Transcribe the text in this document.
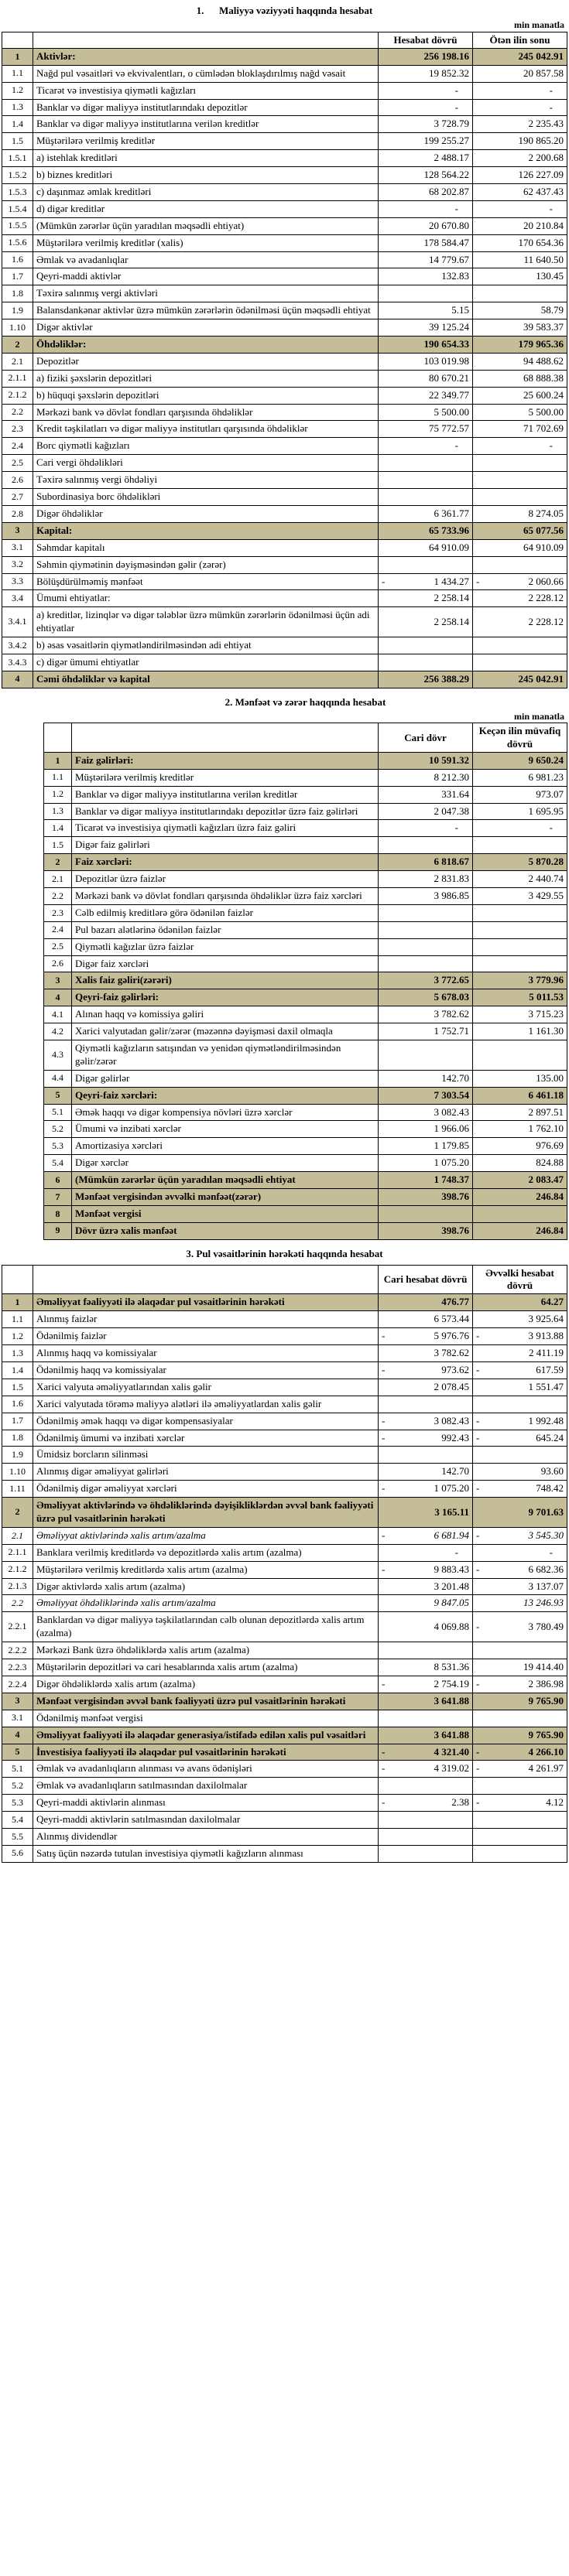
1.      Maliyyə vəziyyəti haqqında hesabat
min manatla
		Hesabat dövrü	Ötən ilin sonu
1	Aktivlər:	256 198.16	245 042.91
1.1	Nağd pul vəsaitləri və ekvivalentları, o cümlədən bloklaşdırılmış nağd vəsait	19 852.32	20 857.58
1.2	Ticarət və investisiya qiymətli kağızları	-	-
1.3	Banklar və digər maliyyə institutlarındakı depozitlər	-	-
1.4	Banklar və digər maliyyə institutlarına verilən kreditlər	3 728.79	2 235.43
1.5	Müştərilərə verilmiş kreditlər	199 255.27	190 865.20
1.5.1	a) istehlak kreditləri	2 488.17	2 200.68
1.5.2	b) biznes kreditləri	128 564.22	126 227.09
1.5.3	c) daşınmaz əmlak kreditləri	68 202.87	62 437.43
1.5.4	d) digər kreditlər	-	-
1.5.5	(Mümkün zərərlər üçün yaradılan məqsədli ehtiyat)	20 670.80	20 210.84
1.5.6	Müştərilərə verilmiş kreditlər (xalis)	178 584.47	170 654.36
1.6	Əmlak və avadanlıqlar	14 779.67	11 640.50
1.7	Qeyri-maddi aktivlər	132.83	130.45
1.8	Təxirə salınmış vergi aktivləri		
1.9	Balansdankənar aktivlər üzrə mümkün zərərlərin ödənilməsi üçün məqsədli ehtiyat	5.15	58.79
1.10	Digər aktivlər	39 125.24	39 583.37
2	Öhdəliklər:	190 654.33	179 965.36
2.1	Depozitlər	103 019.98	94 488.62
2.1.1	a) fiziki şəxslərin depozitləri	80 670.21	68 888.38
2.1.2	b) hüquqi şəxslərin depozitləri	22 349.77	25 600.24
2.2	Mərkəzi bank və dövlət fondları qarşısında öhdəliklər	5 500.00	5 500.00
2.3	Kredit təşkilatları və digər maliyyə institutları qarşısında öhdəliklər	75 772.57	71 702.69
2.4	Borc qiymətli kağızları	-	-
2.5	Cari vergi öhdəlikləri		
2.6	Təxirə salınmış vergi öhdəliyi		
2.7	Subordinasiya borc öhdəlikləri		
2.8	Digər öhdəliklər	6 361.77	8 274.05
3	Kapital:	65 733.96	65 077.56
3.1	Səhmdar kapitalı	64 910.09	64 910.09
3.2	Səhmin qiymətinin dəyişməsindən gəlir (zərər)		
3.3	Bölüşdürülməmiş mənfəət	- 1 434.27	- 2 060.66
3.4	Ümumi ehtiyatlar:	2 258.14	2 228.12
3.4.1	a) kreditlər, lizinqlər və digər tələblər üzrə mümkün zərərlərin ödənilməsi üçün adi ehtiyatlar	2 258.14	2 228.12
3.4.2	b) əsas vəsaitlərin qiymətləndirilməsindən adi ehtiyat		
3.4.3	c) digər ümumi ehtiyatlar		
4	Cəmi öhdəliklər və kapital	256 388.29	245 042.91
2. Mənfəət və zərər haqqında hesabat
min manatla
		Cari dövr	Keçən ilin müvafiq dövrü
1	Faiz gəlirləri:	10 591.32	9 650.24
1.1	Müştərilərə verilmiş kreditlər	8 212.30	6 981.23
1.2	Banklar və digər maliyyə institutlarına verilən kreditlər	331.64	973.07
1.3	Banklar və digər maliyyə institutlarındakı depozitlər üzrə faiz gəlirləri	2 047.38	1 695.95
1.4	Ticarət və investisiya qiymətli kağızları üzrə faiz gəliri	-	-
1.5	Digər faiz gəlirləri		
2	Faiz xərcləri:	6 818.67	5 870.28
2.1	Depozitlər üzrə faizlər	2 831.83	2 440.74
2.2	Mərkəzi bank və dövlət fondları qarşısında öhdəliklər üzrə faiz xərcləri	3 986.85	3 429.55
2.3	Cəlb edilmiş kreditlərə görə ödənilən faizlər		
2.4	Pul bazarı alətlərinə ödənilən faizlər		
2.5	Qiymətli kağızlar üzrə faizlər		
2.6	Digər faiz xərcləri		
3	Xalis faiz gəliri(zərəri)	3 772.65	3 779.96
4	Qeyri-faiz gəlirləri:	5 678.03	5 011.53
4.1	Alınan haqq və komissiya gəliri	3 782.62	3 715.23
4.2	Xarici valyutadan gəlir/zərər (məzənnə dəyişməsi daxil olmaqla	1 752.71	1 161.30
4.3	Qiymətli kağızların satışından və yenidən qiymətləndirilməsindən gəlir/zərər		
4.4	Digər gəlirlər	142.70	135.00
5	Qeyri-faiz xərcləri:	7 303.54	6 461.18
5.1	Əmək haqqı və digər kompensiya növləri üzrə xərclər	3 082.43	2 897.51
5.2	Ümumi və inzibati xərclər	1 966.06	1 762.10
5.3	Amortizasiya xərcləri	1 179.85	976.69
5.4	Digər xərclər	1 075.20	824.88
6	(Mümkün zərərlər üçün yaradılan məqsədli ehtiyat	1 748.37	2 083.47
7	Mənfəət vergisindən əvvəlki mənfəət(zərər)	398.76	246.84
8	Mənfəət vergisi		
9	Dövr üzrə xalis mənfəət	398.76	246.84
3. Pul vəsaitlərinin hərəkəti haqqında hesabat
		Cari hesabat dövrü	Əvvəlki hesabat dövrü
1	Əməliyyat fəaliyyəti ilə əlaqədar pul vəsaitlərinin hərəkəti	476.77	64.27
1.1	Alınmış faizlər	6 573.44	3 925.64
1.2	Ödənilmiş faizlər	- 5 976.76	- 3 913.88
1.3	Alınmış haqq və komissiyalar	3 782.62	2 411.19
1.4	Ödənilmiş haqq və komissiyalar	- 973.62	- 617.59
1.5	Xarici valyuta əməliyyatlarından xalis gəlir	2 078.45	1 551.47
1.6	Xarici valyutada törəmə maliyyə alətləri ilə əməliyyatlardan xalis gəlir		
1.7	Ödənilmiş əmək haqqı və digər kompensasiyalar	- 3 082.43	- 1 992.48
1.8	Ödənilmiş ümumi və inzibati xərclər	- 992.43	- 645.24
1.9	Ümidsiz borcların silinməsi		
1.10	Alınmış digər əməliyyat gəlirləri	142.70	93.60
1.11	Ödənilmiş digər əməliyyat xərcləri	- 1 075.20	- 748.42
2	Əməliyyat aktivlərində və öhdəliklərində dəyişikliklərdən əvvəl bank fəaliyyəti üzrə pul vəsaitlərinin hərəkəti	3 165.11	9 701.63
2.1	Əməliyyat aktivlərində xalis artım/azalma	- 6 681.94	- 3 545.30
2.1.1	Banklara verilmiş kreditlərdə və depozitlərdə xalis artım (azalma)	-	-
2.1.2	Müştərilərə verilmiş kreditlərdə xalis artım (azalma)	- 9 883.43	- 6 682.36
2.1.3	Digər aktivlərdə xalis artım (azalma)	3 201.48	3 137.07
2.2	Əməliyyat öhdəliklərində xalis artım/azalma	9 847.05	13 246.93
2.2.1	Banklardan və digər maliyyə təşkilatlarından cəlb olunan depozitlərdə xalis artım (azalma)	4 069.88	- 3 780.49
2.2.2	Mərkəzi Bank üzrə öhdəliklərdə xalis artım (azalma)		
2.2.3	Müştərilərin depozitləri və cari hesablarında xalis artım (azalma)	8 531.36	19 414.40
2.2.4	Digər öhdəliklərdə xalis artım (azalma)	- 2 754.19	- 2 386.98
3	Mənfəət vergisindən əvvəl bank fəaliyyəti üzrə pul vəsaitlərinin hərəkəti	3 641.88	9 765.90
3.1	Ödənilmiş mənfəət vergisi		
4	Əməliyyat fəaliyyəti ilə əlaqədar generasiya/istifadə edilən xalis pul vəsaitləri	3 641.88	9 765.90
5	İnvestisiya fəaliyyəti ilə əlaqədar pul vəsaitlərinin hərəkəti	- 4 321.40	- 4 266.10
5.1	Əmlak və avadanlıqların alınması və avans ödənişləri	- 4 319.02	- 4 261.97
5.2	Əmlak və avadanlıqların satılmasından daxilolmalar		
5.3	Qeyri-maddi aktivlərin alınması	- 2.38	- 4.12
5.4	Qeyri-maddi aktivlərin satılmasından daxilolmalar		
5.5	Alınmış dividendlər		
5.6	Satış üçün nəzərdə tutulan investisiya qiymətli kağızların alınması		
